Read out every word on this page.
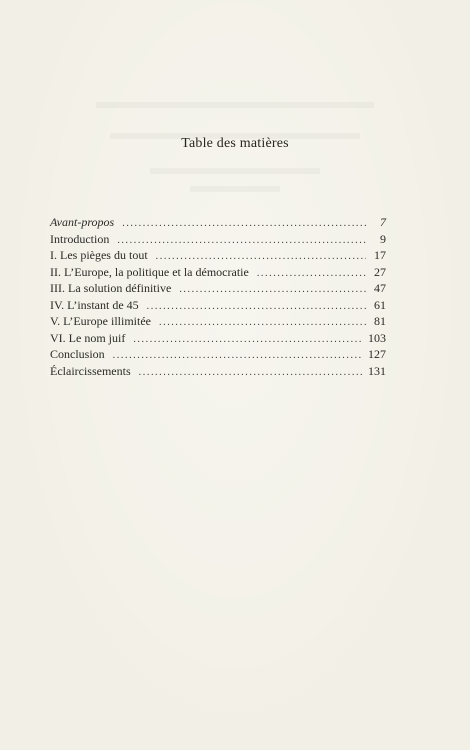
Table des matières
Avant-propos .....	7
Introduction .....	9
I. Les pièges du tout .....	17
II. L’Europe, la politique et la démocratie .....	27
III. La solution définitive .....	47
IV. L’instant de 45 .....	61
V. L’Europe illimitée .....	81
VI. Le nom juif .....	103
Conclusion .....	127
Éclaircissements .....	131
